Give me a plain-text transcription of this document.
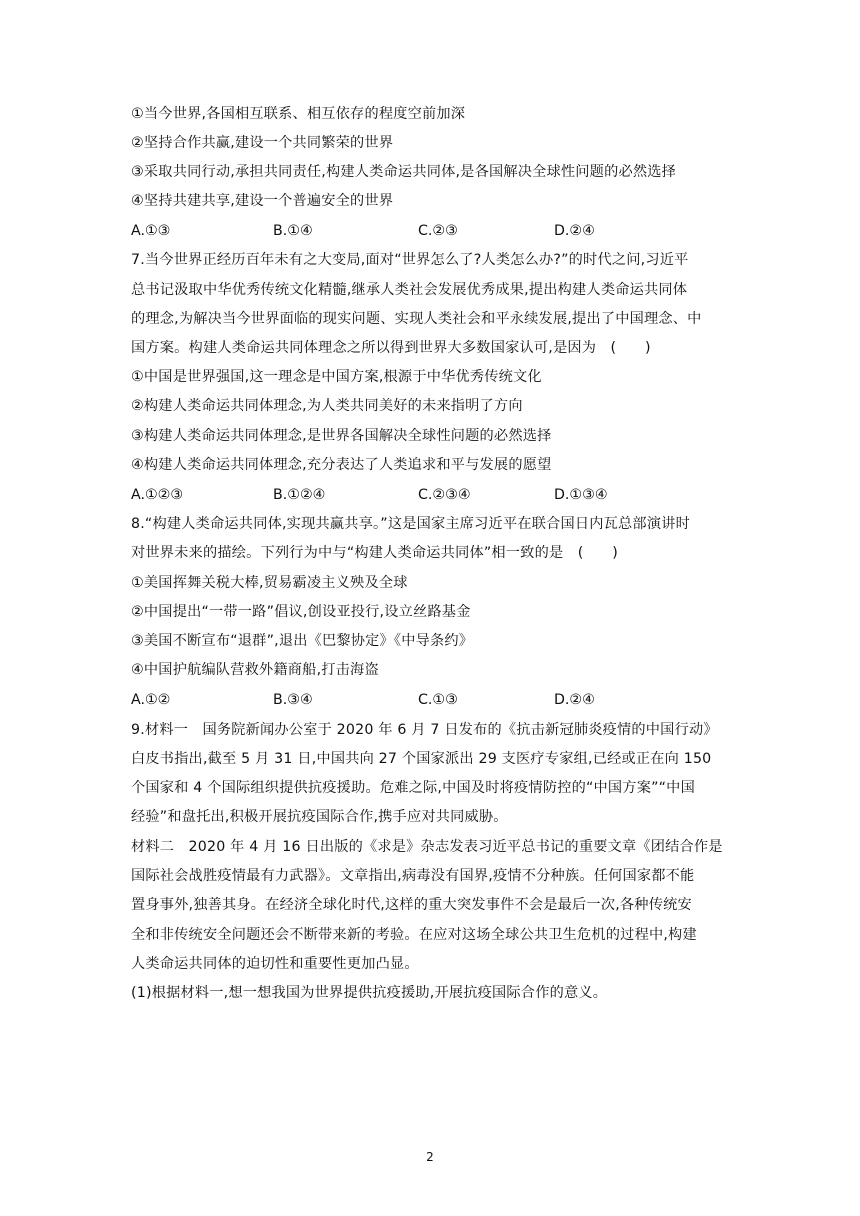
①当今世界,各国相互联系、相互依存的程度空前加深
②坚持合作共赢,建设一个共同繁荣的世界
③采取共同行动,承担共同责任,构建人类命运共同体,是各国解决全球性问题的必然选择
④坚持共建共享,建设一个普遍安全的世界
A.①③	B.①④	C.②③	D.②④
7.当今世界正经历百年未有之大变局,面对“世界怎么了?人类怎么办?”的时代之问,习近平
总书记汲取中华优秀传统文化精髓,继承人类社会发展优秀成果,提出构建人类命运共同体
的理念,为解决当今世界面临的现实问题、实现人类社会和平永续发展,提出了中国理念、中
国方案。构建人类命运共同体理念之所以得到世界大多数国家认可,是因为　(　　)
①中国是世界强国,这一理念是中国方案,根源于中华优秀传统文化
②构建人类命运共同体理念,为人类共同美好的未来指明了方向
③构建人类命运共同体理念,是世界各国解决全球性问题的必然选择
④构建人类命运共同体理念,充分表达了人类追求和平与发展的愿望
A.①②③	B.①②④	C.②③④	D.①③④
8.“构建人类命运共同体,实现共赢共享。”这是国家主席习近平在联合国日内瓦总部演讲时
对世界未来的描绘。下列行为中与“构建人类命运共同体”相一致的是　(　　)
①美国挥舞关税大棒,贸易霸凌主义殃及全球
②中国提出“一带一路”倡议,创设亚投行,设立丝路基金
③美国不断宣布“退群”,退出《巴黎协定》《中导条约》
④中国护航编队营救外籍商船,打击海盗
A.①②	B.③④	C.①③	D.②④
9.材料一　国务院新闻办公室于 2020 年 6 月 7 日发布的《抗击新冠肺炎疫情的中国行动》
白皮书指出,截至 5 月 31 日,中国共向 27 个国家派出 29 支医疗专家组,已经或正在向 150
个国家和 4 个国际组织提供抗疫援助。危难之际,中国及时将疫情防控的“中国方案”“中国
经验”和盘托出,积极开展抗疫国际合作,携手应对共同威胁。
材料二　2020 年 4 月 16 日出版的《求是》杂志发表习近平总书记的重要文章《团结合作是
国际社会战胜疫情最有力武器》。文章指出,病毒没有国界,疫情不分种族。任何国家都不能
置身事外,独善其身。在经济全球化时代,这样的重大突发事件不会是最后一次,各种传统安
全和非传统安全问题还会不断带来新的考验。在应对这场全球公共卫生危机的过程中,构建
人类命运共同体的迫切性和重要性更加凸显。
(1)根据材料一,想一想我国为世界提供抗疫援助,开展抗疫国际合作的意义。
2
